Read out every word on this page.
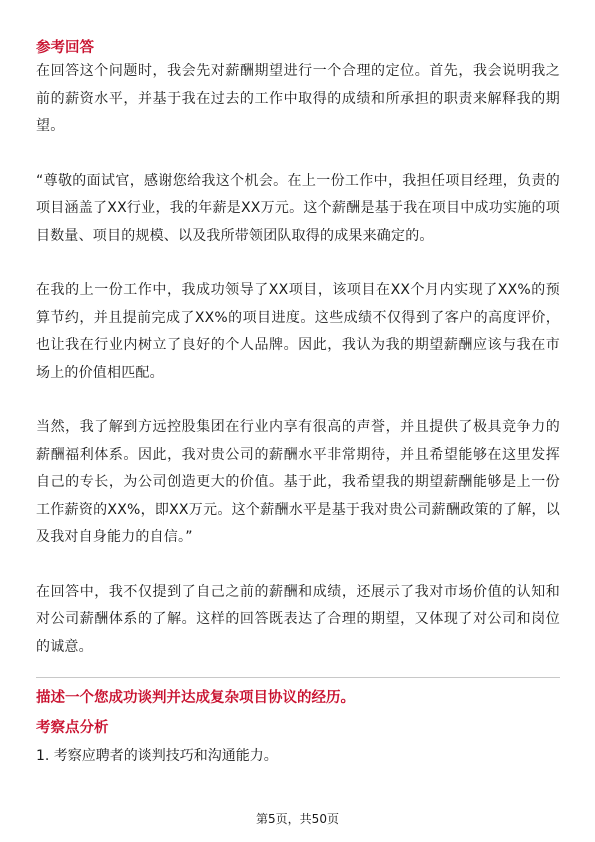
参考回答

在回答这个问题时，我会先对薪酬期望进行一个合理的定位。首先，我会说明我之前的薪资水平，并基于我在过去的工作中取得的成绩和所承担的职责来解释我的期望。

“尊敬的面试官，感谢您给我这个机会。在上一份工作中，我担任项目经理，负责的项目涵盖了XX行业，我的年薪是XX万元。这个薪酬是基于我在项目中成功实施的项目数量、项目的规模、以及我所带领团队取得的成果来确定的。

在我的上一份工作中，我成功领导了XX项目，该项目在XX个月内实现了XX%的预算节约，并且提前完成了XX%的项目进度。这些成绩不仅得到了客户的高度评价，也让我在行业内树立了良好的个人品牌。因此，我认为我的期望薪酬应该与我在市场上的价值相匹配。

当然，我了解到方远控股集团在行业内享有很高的声誉，并且提供了极具竞争力的薪酬福利体系。因此，我对贵公司的薪酬水平非常期待，并且希望能够在这里发挥自己的专长，为公司创造更大的价值。基于此，我希望我的期望薪酬能够是上一份工作薪资的XX%，即XX万元。这个薪酬水平是基于我对贵公司薪酬政策的了解，以及我对自身能力的自信。”

在回答中，我不仅提到了自己之前的薪酬和成绩，还展示了我对市场价值的认知和对公司薪酬体系的了解。这样的回答既表达了合理的期望，又体现了对公司和岗位的诚意。

描述一个您成功谈判并达成复杂项目协议的经历。
考察点分析

1. 考察应聘者的谈判技巧和沟通能力。

第5页，共50页
